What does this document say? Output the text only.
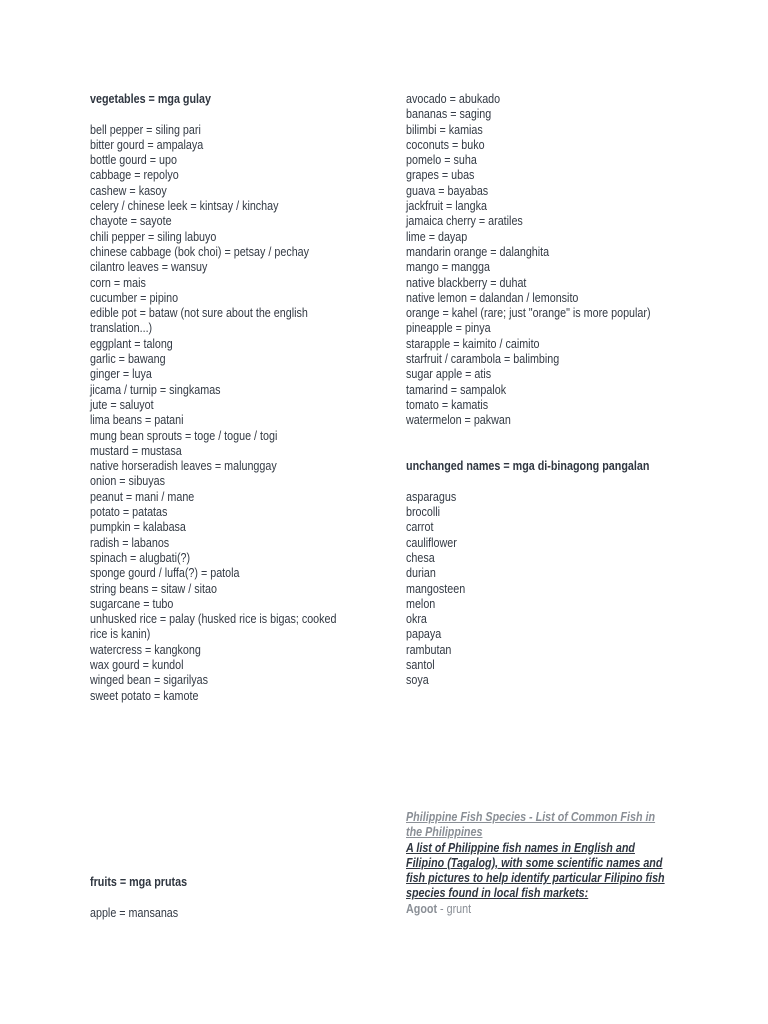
vegetables = mga gulay
bell pepper = siling pari
bitter gourd = ampalaya
bottle gourd = upo
cabbage = repolyo
cashew = kasoy
celery / chinese leek = kintsay / kinchay
chayote = sayote
chili pepper = siling labuyo
chinese cabbage (bok choi) = petsay / pechay
cilantro leaves = wansuy
corn = mais
cucumber = pipino
edible pot = bataw (not sure about the english translation...)
eggplant = talong
garlic = bawang
ginger = luya
jicama / turnip = singkamas
jute = saluyot
lima beans = patani
mung bean sprouts = toge / togue / togi
mustard = mustasa
native horseradish leaves = malunggay
onion = sibuyas
peanut = mani / mane
potato = patatas
pumpkin = kalabasa
radish = labanos
spinach = alugbati(?)
sponge gourd / luffa(?) = patola
string beans = sitaw / sitao
sugarcane = tubo
unhusked rice = palay (husked rice is bigas; cooked rice is kanin)
watercress = kangkong
wax gourd = kundol
winged bean = sigarilyas
sweet potato = kamote
avocado = abukado
bananas = saging
bilimbi = kamias
coconuts = buko
pomelo = suha
grapes = ubas
guava = bayabas
jackfruit = langka
jamaica cherry = aratiles
lime = dayap
mandarin orange = dalanghita
mango = mangga
native blackberry = duhat
native lemon = dalandan / lemonsito
orange = kahel (rare; just "orange" is more popular)
pineapple = pinya
starapple = kaimito / caimito
starfruit / carambola = balimbing
sugar apple = atis
tamarind = sampalok
tomato = kamatis
watermelon = pakwan
unchanged names = mga di-binagong pangalan
asparagus
brocolli
carrot
cauliflower
chesa
durian
mangosteen
melon
okra
papaya
rambutan
santol
soya
fruits = mga prutas
apple = mansanas
Philippine Fish Species - List of Common Fish in the Philippines
A list of Philippine fish names in English and Filipino (Tagalog), with some scientific names and fish pictures to help identify particular Filipino fish species found in local fish markets:
Agoot - grunt
